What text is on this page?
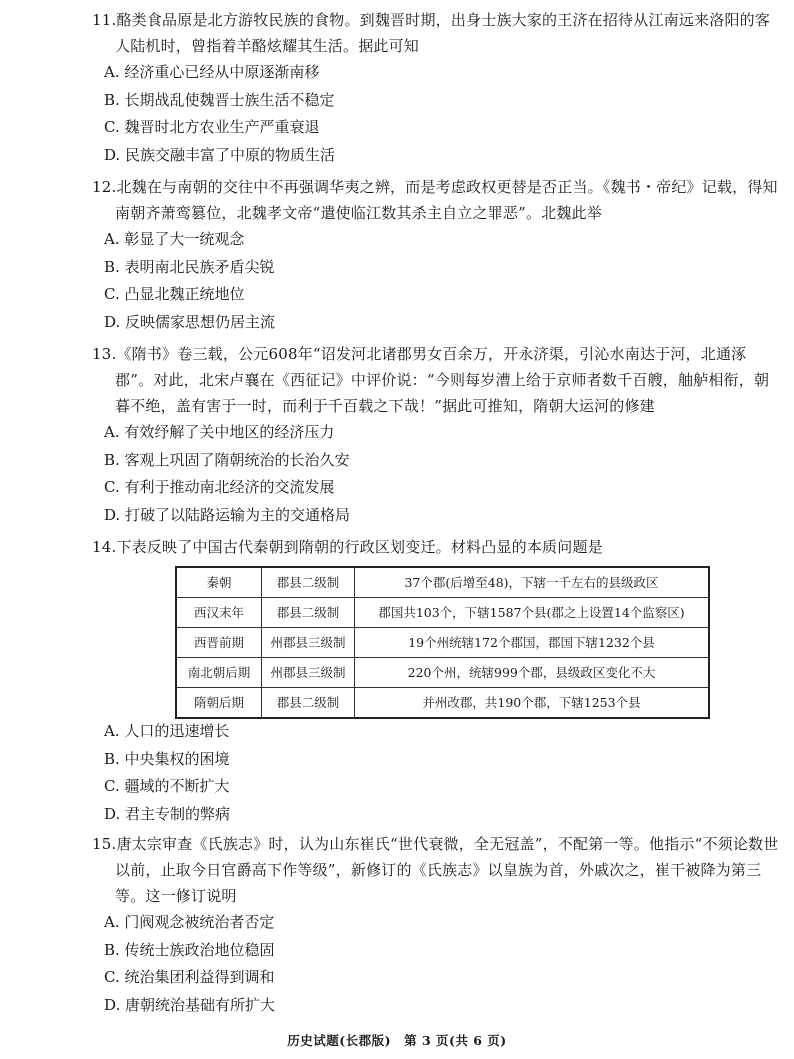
11.酪类食品原是北方游牧民族的食物。到魏晋时期，出身士族大家的王济在招待从江南远来洛阳的客人陆机时，曾指着羊酪炫耀其生活。据此可知

A. 经济重心已经从中原逐渐南移

B. 长期战乱使魏晋士族生活不稳定

C. 魏晋时北方农业生产严重衰退

D. 民族交融丰富了中原的物质生活

12.北魏在与南朝的交往中不再强调华夷之辨，而是考虑政权更替是否正当。《魏书・帝纪》记载，得知南朝齐萧鸾篡位，北魏孝文帝“遣使临江数其杀主自立之罪恶”。北魏此举

A. 彰显了大一统观念

B. 表明南北民族矛盾尖锐

C. 凸显北魏正统地位

D. 反映儒家思想仍居主流

13.《隋书》卷三载，公元608年“诏发河北诸郡男女百余万，开永济渠，引沁水南达于河，北通涿郡”。对此，北宋卢襄在《西征记》中评价说：“今则每岁漕上给于京师者数千百艘，舳舻相衔，朝暮不绝，盖有害于一时，而利于千百载之下哉！”据此可推知，隋朝大运河的修建

A. 有效纾解了关中地区的经济压力

B. 客观上巩固了隋朝统治的长治久安

C. 有利于推动南北经济的交流发展

D. 打破了以陆路运输为主的交通格局

14.下表反映了中国古代秦朝到隋朝的行政区划变迁。材料凸显的本质问题是

秦朝	郡县二级制	37个郡(后增至48)，下辖一千左右的县级政区
西汉末年	郡县二级制	郡国共103个，下辖1587个县(郡之上设置14个监察区)
西晋前期	州郡县三级制	19个州统辖172个郡国，郡国下辖1232个县
南北朝后期	州郡县三级制	220个州，统辖999个郡，县级政区变化不大
隋朝后期	郡县二级制	并州改郡，共190个郡，下辖1253个县

A. 人口的迅速增长

B. 中央集权的困境

C. 疆域的不断扩大

D. 君主专制的弊病

15.唐太宗审查《氏族志》时，认为山东崔氏“世代衰微，全无冠盖”，不配第一等。他指示“不须论数世以前，止取今日官爵高下作等级”，新修订的《氏族志》以皇族为首，外戚次之，崔干被降为第三等。这一修订说明

A. 门阀观念被统治者否定

B. 传统士族政治地位稳固

C. 统治集团利益得到调和

D. 唐朝统治基础有所扩大

历史试题(长郡版)　第 3 页(共 6 页)
